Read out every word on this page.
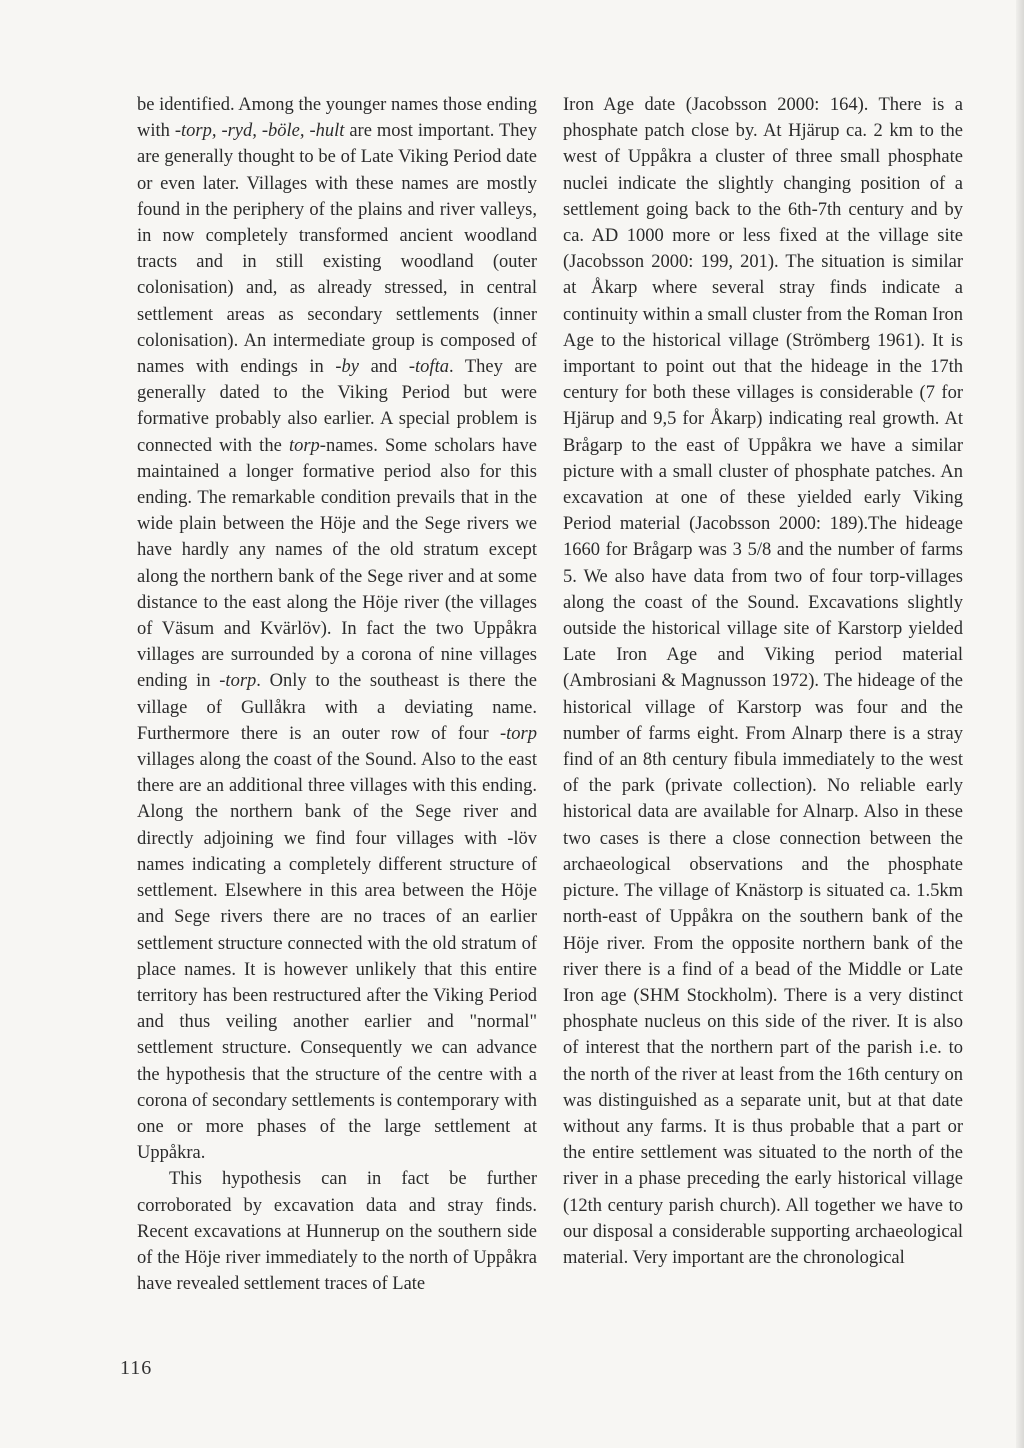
be identified. Among the younger names those ending with -torp, -ryd, -böle, -hult are most important. They are generally thought to be of Late Viking Period date or even later. Villages with these names are mostly found in the periphery of the plains and river valleys, in now completely transformed ancient woodland tracts and in still existing woodland (outer colonisation) and, as already stressed, in central settlement areas as secondary settlements (inner colonisation). An intermediate group is composed of names with endings in -by and -tofta. They are generally dated to the Viking Period but were formative probably also earlier. A special problem is connected with the torp-names. Some scholars have maintained a longer formative period also for this ending. The remarkable condition prevails that in the wide plain between the Höje and the Sege rivers we have hardly any names of the old stratum except along the northern bank of the Sege river and at some distance to the east along the Höje river (the villages of Väsum and Kvärlöv). In fact the two Uppåkra villages are surrounded by a corona of nine villages ending in -torp. Only to the southeast is there the village of Gullåkra with a deviating name. Furthermore there is an outer row of four -torp villages along the coast of the Sound. Also to the east there are an additional three villages with this ending. Along the northern bank of the Sege river and directly adjoining we find four villages with -löv names indicating a completely different structure of settlement. Elsewhere in this area between the Höje and Sege rivers there are no traces of an earlier settlement structure connected with the old stratum of place names. It is however unlikely that this entire territory has been restructured after the Viking Period and thus veiling another earlier and "normal" settlement structure. Consequently we can advance the hypothesis that the structure of the centre with a corona of secondary settlements is contemporary with one or more phases of the large settlement at Uppåkra.

This hypothesis can in fact be further corroborated by excavation data and stray finds. Recent excavations at Hunnerup on the southern side of the Höje river immediately to the north of Uppåkra have revealed settlement traces of Late

Iron Age date (Jacobsson 2000: 164). There is a phosphate patch close by. At Hjärup ca. 2 km to the west of Uppåkra a cluster of three small phosphate nuclei indicate the slightly changing position of a settlement going back to the 6th-7th century and by ca. AD 1000 more or less fixed at the village site (Jacobsson 2000: 199, 201). The situation is similar at Åkarp where several stray finds indicate a continuity within a small cluster from the Roman Iron Age to the historical village (Strömberg 1961). It is important to point out that the hideage in the 17th century for both these villages is considerable (7 for Hjärup and 9,5 for Åkarp) indicating real growth. At Brågarp to the east of Uppåkra we have a similar picture with a small cluster of phosphate patches. An excavation at one of these yielded early Viking Period material (Jacobsson 2000: 189).The hideage 1660 for Brågarp was 3 5/8 and the number of farms 5. We also have data from two of four torp-villages along the coast of the Sound. Excavations slightly outside the historical village site of Karstorp yielded Late Iron Age and Viking period material (Ambrosiani & Magnusson 1972). The hideage of the historical village of Karstorp was four and the number of farms eight. From Alnarp there is a stray find of an 8th century fibula immediately to the west of the park (private collection). No reliable early historical data are available for Alnarp. Also in these two cases is there a close connection between the archaeological observations and the phosphate picture. The village of Knästorp is situated ca. 1.5km north-east of Uppåkra on the southern bank of the Höje river. From the opposite northern bank of the river there is a find of a bead of the Middle or Late Iron age (SHM Stockholm). There is a very distinct phosphate nucleus on this side of the river. It is also of interest that the northern part of the parish i.e. to the north of the river at least from the 16th century on was distinguished as a separate unit, but at that date without any farms. It is thus probable that a part or the entire settlement was situated to the north of the river in a phase preceding the early historical village (12th century parish church). All together we have to our disposal a considerable supporting archaeological material. Very important are the chronological

116
